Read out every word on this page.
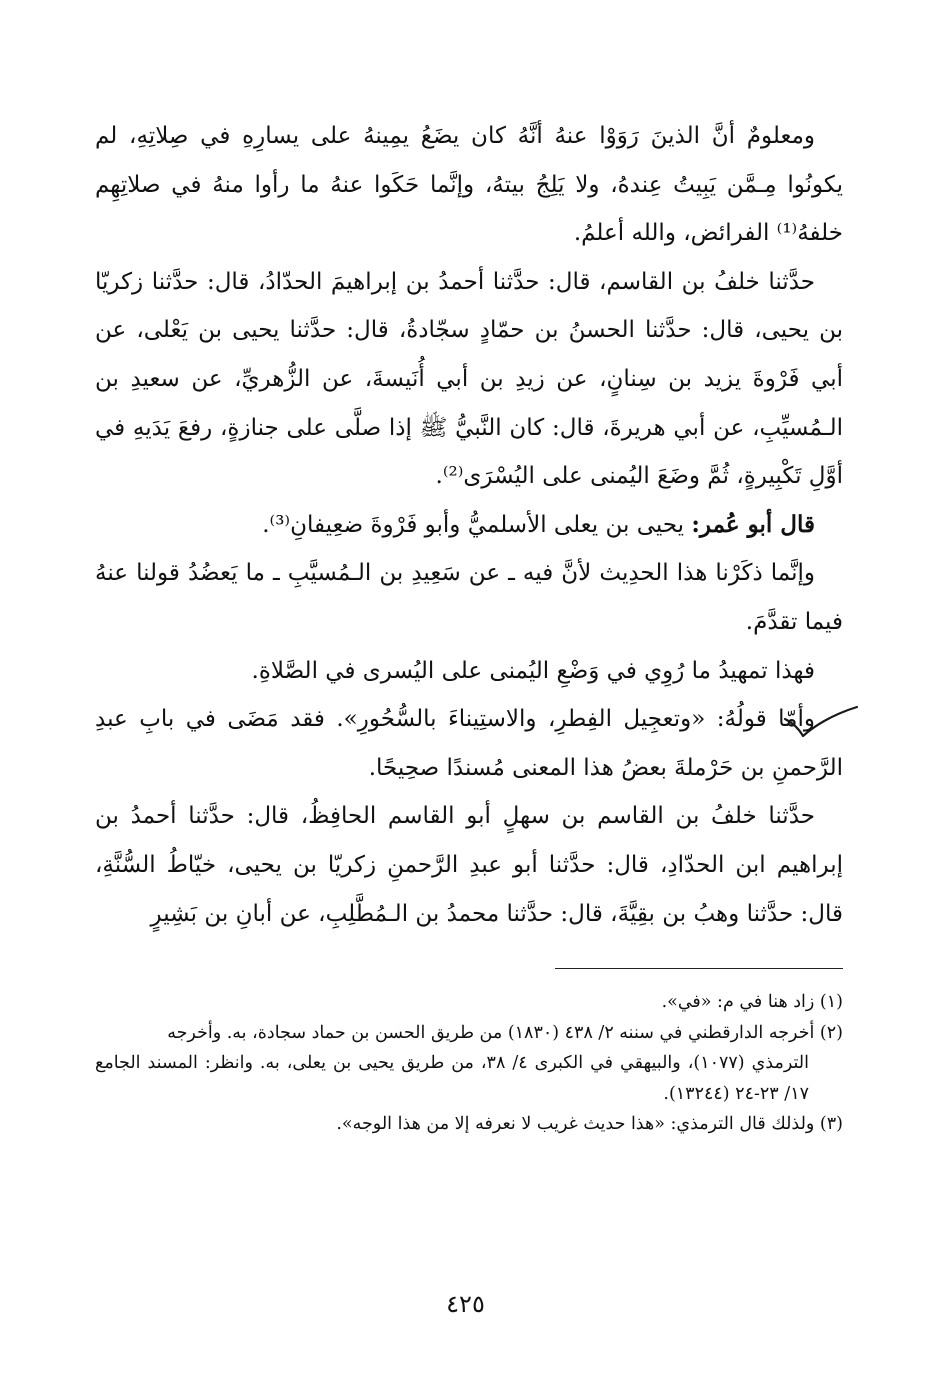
ومعلومٌ أنَّ الذينَ رَوَوْا عنهُ أنَّهُ كان يضَعُ يمِينهُ على يسارِهِ في صِلاتِهِ، لم يكونُوا مِـمَّن يَبِيتُ عِندهُ، ولا يَلِجُ بيتهُ، وإنَّما حَكَوا عنهُ ما رأوا منهُ في صلاتِهِم خلفهُ⁽¹⁾ الفرائض، والله أعلمُ.

حدَّثنا خلفُ بن القاسم، قال: حدَّثنا أحمدُ بن إبراهيمَ الحدّادُ، قال: حدَّثنا زكريّا بن يحيى، قال: حدَّثنا الحسنُ بن حمّادٍ سجّادةُ، قال: حدَّثنا يحيى بن يَعْلى، عن أبي فَرْوةَ يزيد بن سِنانٍ، عن زيدِ بن أبي أُنَيسةَ، عن الزُّهريِّ، عن سعيدِ بن الـمُسيِّبِ، عن أبي هريرةَ، قال: كان النَّبيُّ ﷺ إذا صلَّى على جنازةٍ، رفعَ يَدَيهِ في أوَّلِ تَكْبِيرةٍ، ثُمَّ وضَعَ اليُمنى على اليُسْرَى⁽²⁾.

قال أبو عُمر: يحيى بن يعلى الأسلميُّ وأبو فَرْوةَ ضعِيفانِ⁽³⁾.

وإنَّما ذكَرْنا هذا الحدِيث لأنَّ فيه ـ عن سَعِيدِ بن الـمُسيَّبِ ـ ما يَعضُدُ قولنا عنهُ فيما تقدَّمَ.

فهذا تمهيدُ ما رُوِي في وَضْعِ اليُمنى على اليُسرى في الصَّلاةِ.

وأمّا قولُهُ: «وتعجِيل الفِطرِ، والاستِيناءَ بالسُّحُورِ». فقد مَضَى في بابِ عبدِ الرَّحمنِ بن حَرْملةَ بعضُ هذا المعنى مُسندًا صحِيحًا.

حدَّثنا خلفُ بن القاسم بن سهلٍ أبو القاسم الحافِظُ، قال: حدَّثنا أحمدُ بن إبراهيم ابن الحدّادِ، قال: حدَّثنا أبو عبدِ الرَّحمنِ زكريّا بن يحيى، خيّاطُ السُّنَّةِ، قال: حدَّثنا وهبُ بن بقِيَّةَ، قال: حدَّثنا محمدُ بن الـمُطَّلِبِ، عن أبانِ بن بَشِيرٍ

(١) زاد هنا في م: «في».

(٢) أخرجه الدارقطني في سننه ٢/ ٤٣٨ (١٨٣٠) من طريق الحسن بن حماد سجادة، به. وأخرجه

الترمذي (١٠٧٧)، والبيهقي في الكبرى ٤/ ٣٨، من طريق يحيى بن يعلى، به. وانظر: المسند الجامع ١٧/ ٢٣-٢٤ (١٣٢٤٤).

(٣) ولذلك قال الترمذي: «هذا حديث غريب لا نعرفه إلا من هذا الوجه».

٤٢٥
